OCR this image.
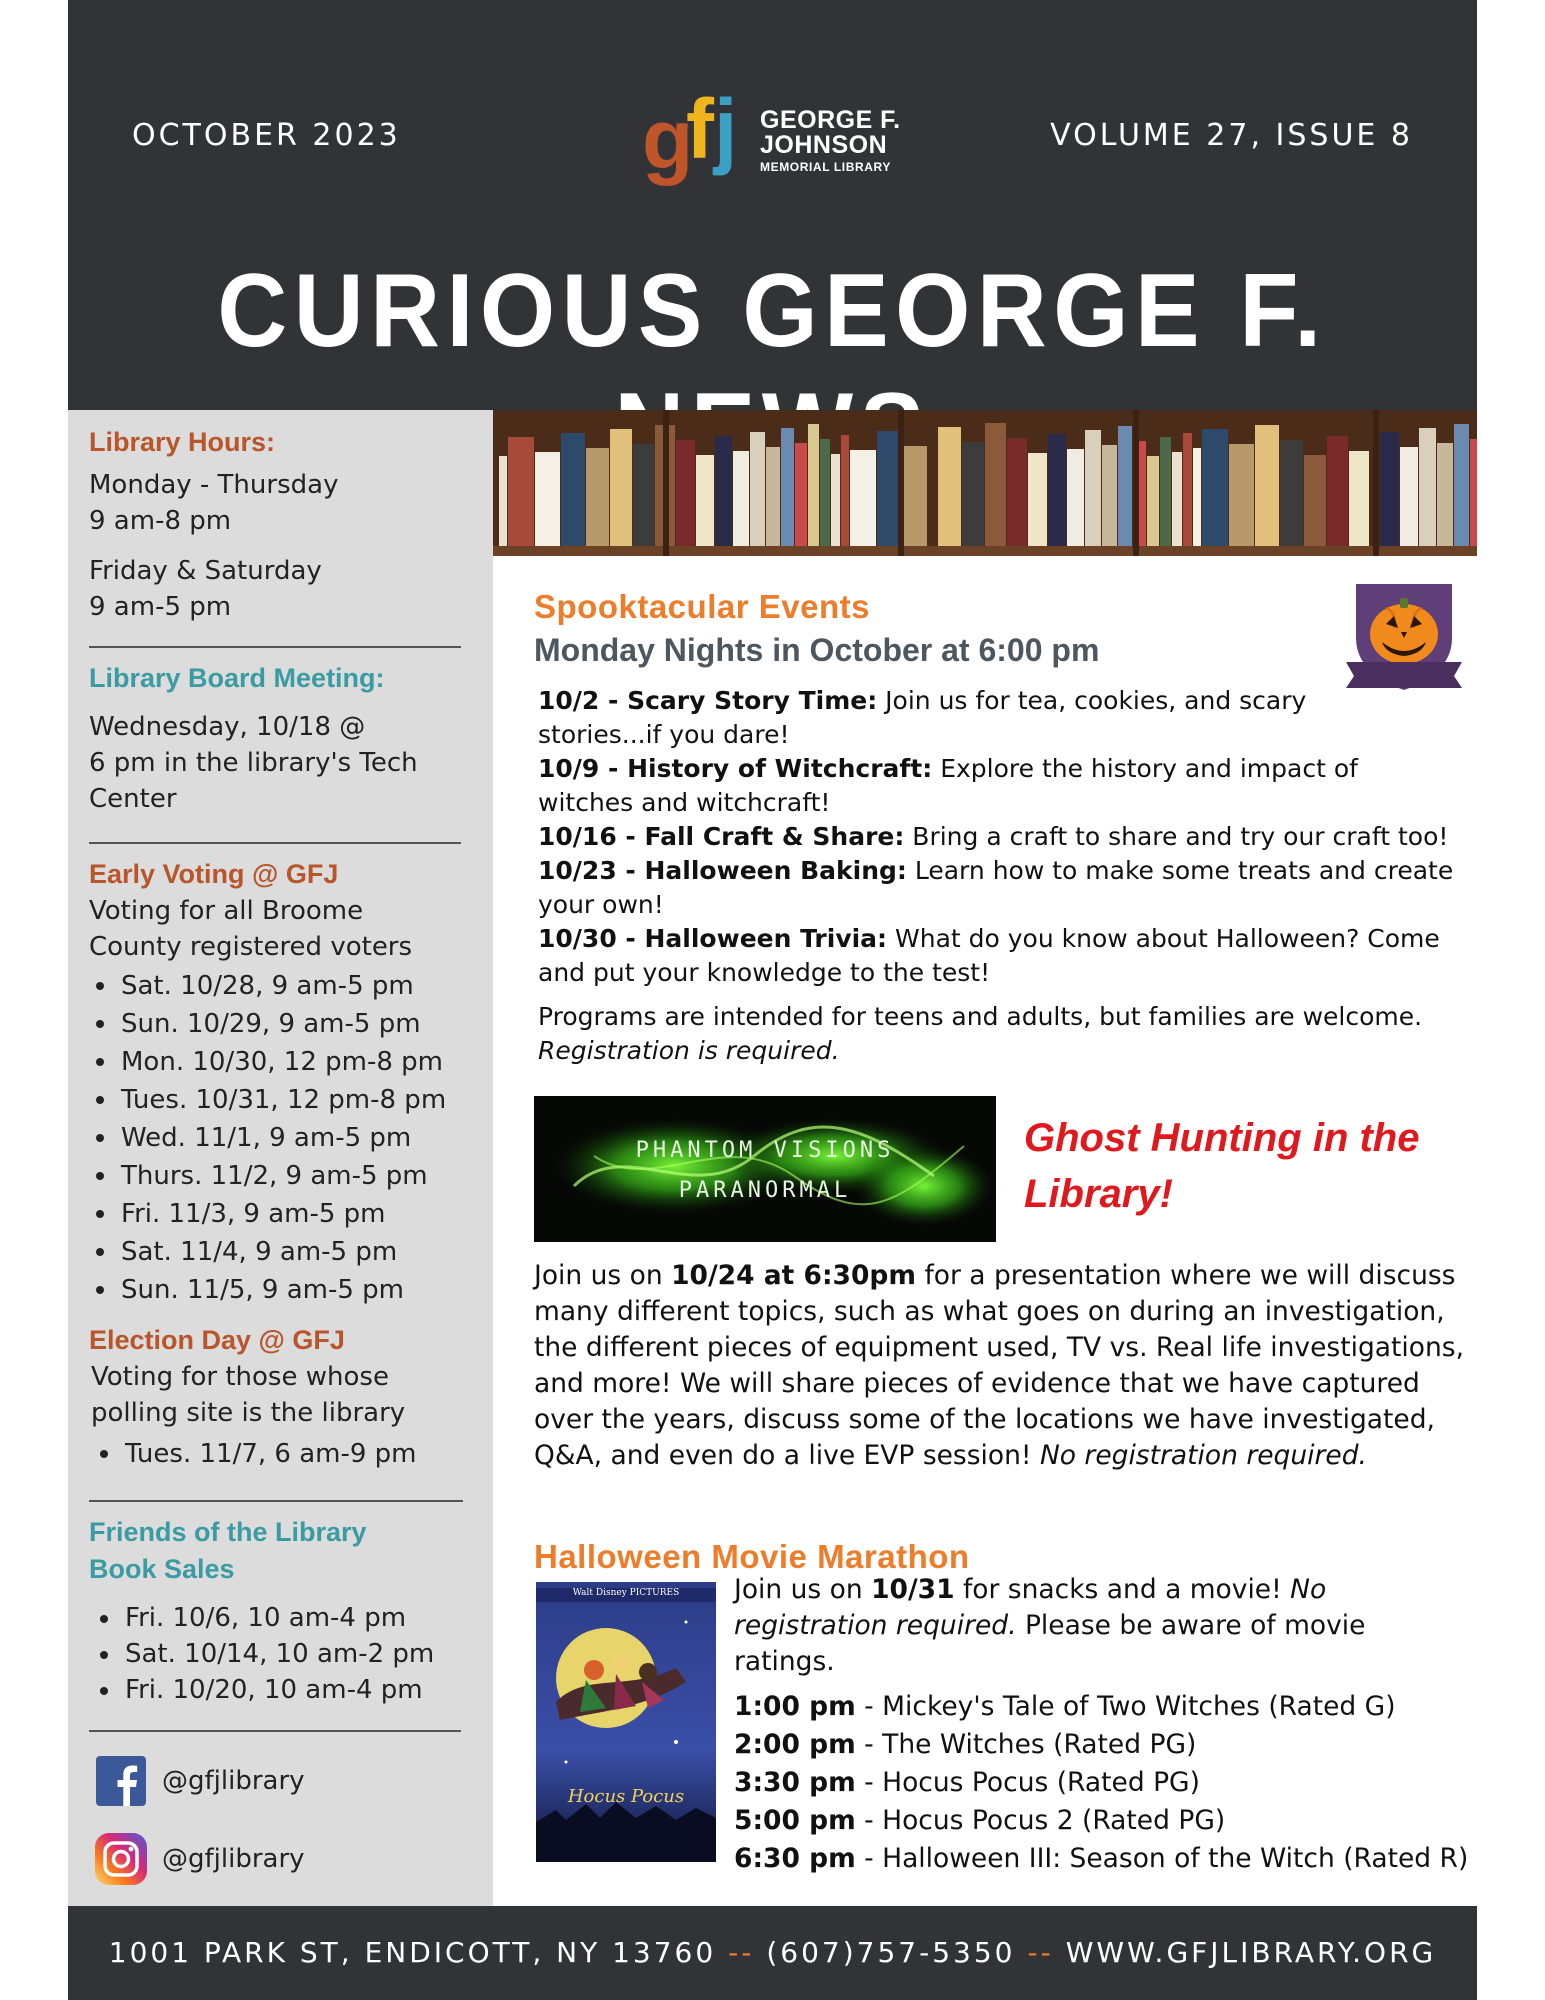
OCTOBER 2023	g
f j GEORGE F.
JOHNSON
MEMORIAL LIBRARY
VOLUME 27, ISSUE 8
CURIOUS GEORGE F.
Library Hours:
Monday - Thursday
9 am-8 pm
Friday & Saturday
9 am-5 pm
Library Board Meeting:
Wednesday, 10/18 @
6 pm in the library's Tech
Center
Early Voting @ GFJ
Voting for all Broome
County registered voters
Sat. 10/28, 9 am-5 pm
Sun. 10/29, 9 am-5 pm
Mon. 10/30, 12 pm-8 pm
Tues. 10/31, 12 pm-8 pm
Wed. 11/1, 9 am-5 pm
Thurs. 11/2, 9 am-5 pm
Fri. 11/3, 9 am-5 pm
Sat. 11/4, 9 am-5 pm
Sun. 11/5, 9 am-5 pm
Election Day @ GFJ
Voting for those whose
polling site is the library
Tues. 11/7, 6 am-9 pm
Friends of the Library
Book Sales
Fri. 10/6, 10 am-4 pm
Sat. 10/14, 10 am-2 pm
Fri. 10/20, 10 am-4 pm
@gfjlibrary
@gfjlibrary
Spooktacular Events
Monday Nights in October at 6:00 pm
10/2 - Scary Story Time: Join us for tea, cookies, and scary stories...if you dare!
10/9 - History of Witchcraft: Explore the history and impact of witches and witchcraft!
10/16 - Fall Craft & Share: Bring a craft to share and try our craft too!
10/23 - Halloween Baking: Learn how to make some treats and create your own!
10/30 - Halloween Trivia: What do you know about Halloween? Come and put your knowledge to the test!
Programs are intended for teens and adults, but families are welcome.
Registration is required.
PHANTOM VISIONS
PARANORMAL
Ghost Hunting in the
Library!
Join us on 10/24 at 6:30pm for a presentation where we will discuss many different topics, such as what goes on during an investigation, the different pieces of equipment used, TV vs. Real life investigations, and more! We will share pieces of evidence that we have captured over the years, discuss some of the locations we have investigated, Q&A, and even do a live EVP session! No registration required.
Halloween Movie Marathon
Walt Disney PICTURES
Hocus Pocus
Join us on 10/31 for snacks and a movie! No registration required. Please be aware of movie ratings.
1:00 pm - Mickey's Tale of Two Witches (Rated G)
2:00 pm - The Witches (Rated PG)
3:30 pm - Hocus Pocus (Rated PG)
5:00 pm - Hocus Pocus 2 (Rated PG)
6:30 pm - Halloween III: Season of the Witch (Rated R)
1001 PARK ST, ENDICOTT, NY 13760 -- (607)757-5350 -- WWW.GFJLIBRARY.ORG
